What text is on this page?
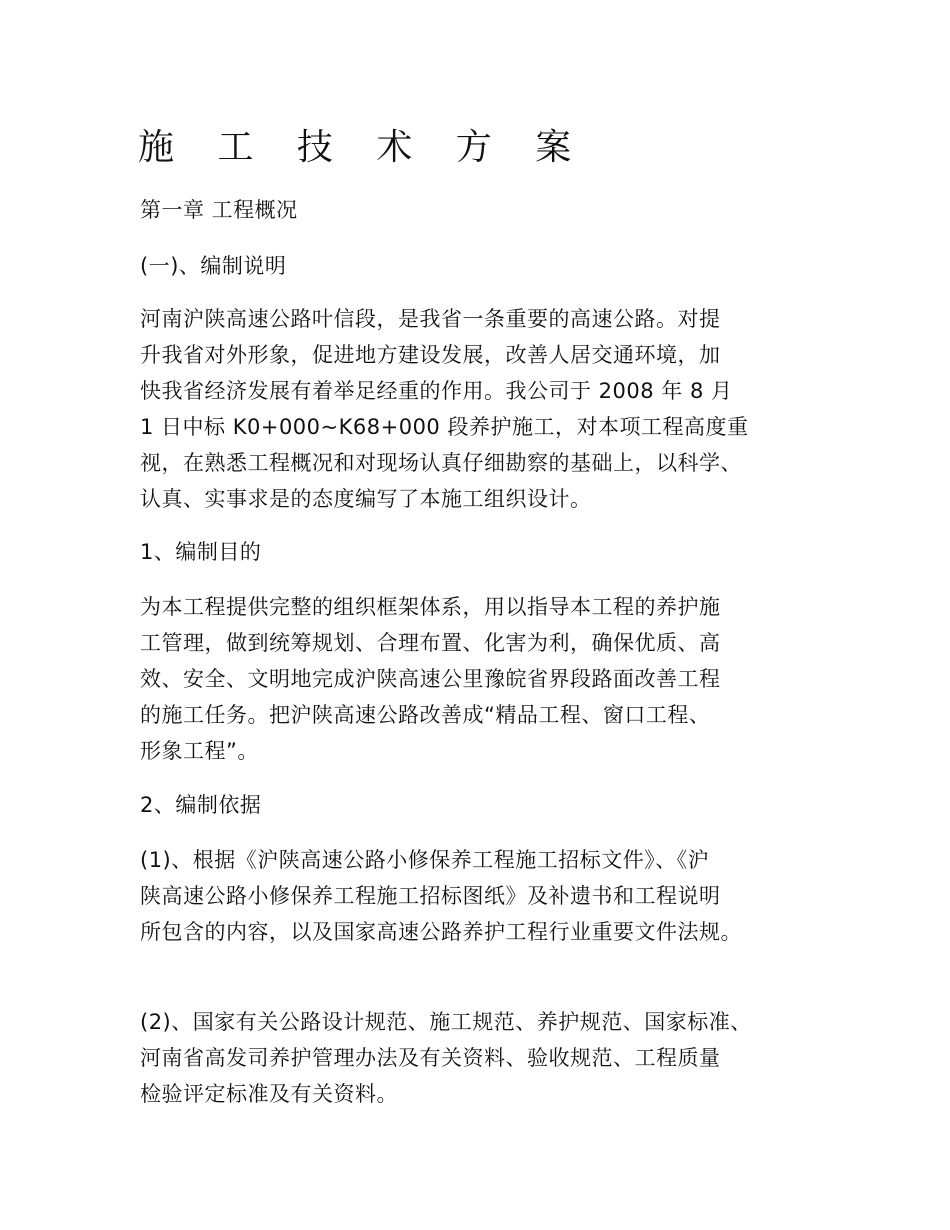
施 工 技 术 方 案
第一章 工程概况
(一)、编制说明
河南沪陕高速公路叶信段，是我省一条重要的高速公路。对提
升我省对外形象，促进地方建设发展，改善人居交通环境，加
快我省经济发展有着举足经重的作用。我公司于 2008 年 8 月
1 日中标 K0+000~K68+000 段养护施工，对本项工程高度重
视，在熟悉工程概况和对现场认真仔细勘察的基础上，以科学、
认真、实事求是的态度编写了本施工组织设计。
1、编制目的
为本工程提供完整的组织框架体系，用以指导本工程的养护施
工管理，做到统筹规划、合理布置、化害为利，确保优质、高
效、安全、文明地完成沪陕高速公里豫皖省界段路面改善工程
的施工任务。把沪陕高速公路改善成“精品工程、窗口工程、
形象工程”。
2、编制依据
(1)、根据《沪陕高速公路小修保养工程施工招标文件》、《沪
陕高速公路小修保养工程施工招标图纸》及补遗书和工程说明
所包含的内容，以及国家高速公路养护工程行业重要文件法规。
(2)、国家有关公路设计规范、施工规范、养护规范、国家标准、
河南省高发司养护管理办法及有关资料、验收规范、工程质量
检验评定标准及有关资料。
